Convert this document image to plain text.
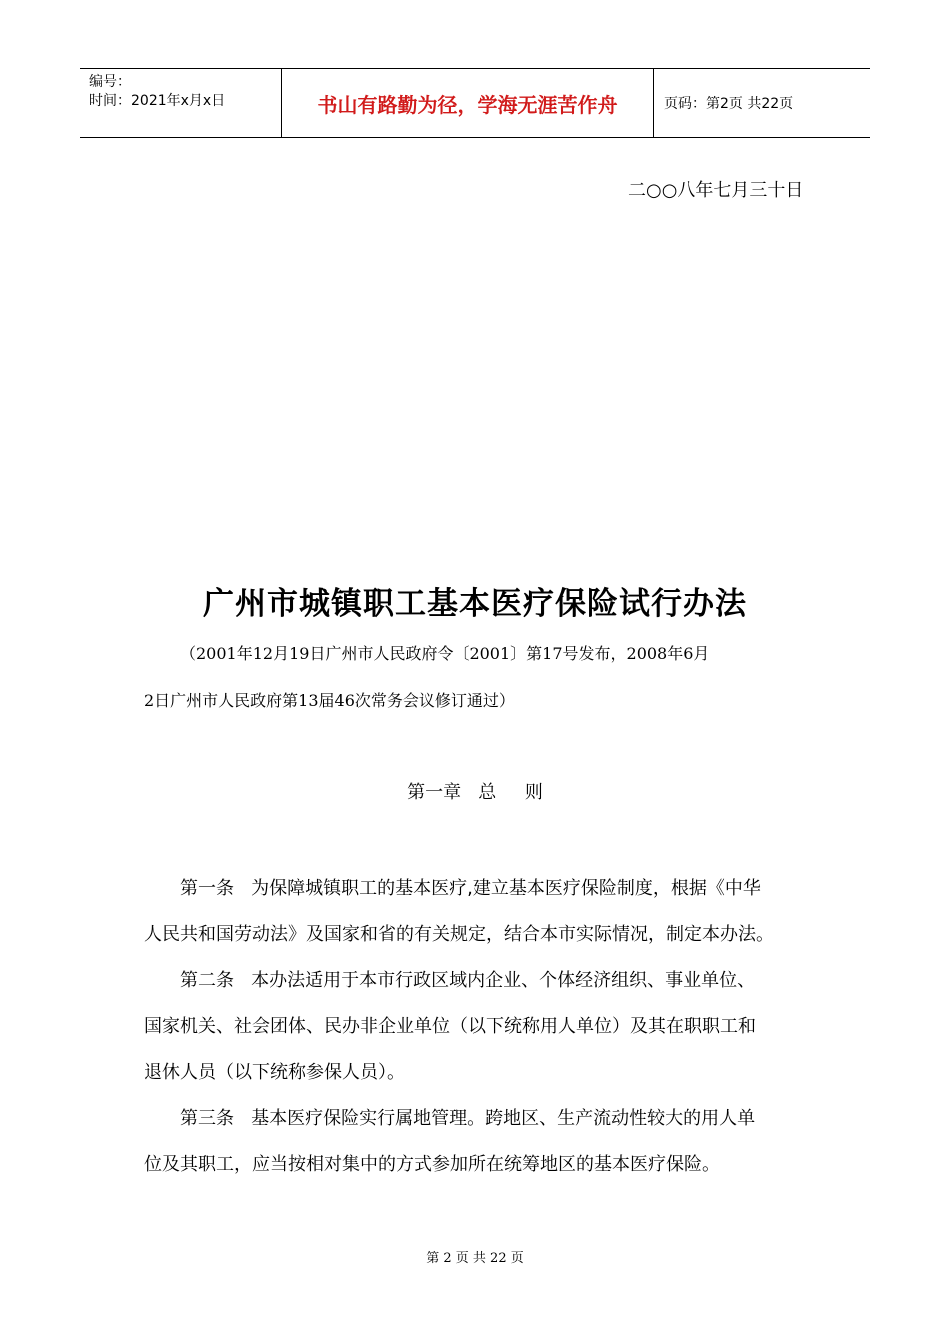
编号：
时间：2021年x月x日	书山有路勤为径，学海无涯苦作舟	页码：第2页 共22页
二○○八年七月三十日
广州市城镇职工基本医疗保险试行办法
（2001年12月19日广州市人民政府令〔2001〕第17号发布，2008年6月
2日广州市人民政府第13届46次常务会议修订通过）
第一章   总     则
第一条   为保障城镇职工的基本医疗,建立基本医疗保险制度，根据《中华
人民共和国劳动法》及国家和省的有关规定，结合本市实际情况，制定本办法。
第二条   本办法适用于本市行政区域内企业、个体经济组织、事业单位、
国家机关、社会团体、民办非企业单位（以下统称用人单位）及其在职职工和
退休人员（以下统称参保人员）。
第三条   基本医疗保险实行属地管理。跨地区、生产流动性较大的用人单
位及其职工，应当按相对集中的方式参加所在统筹地区的基本医疗保险。
第 2 页 共 22 页
